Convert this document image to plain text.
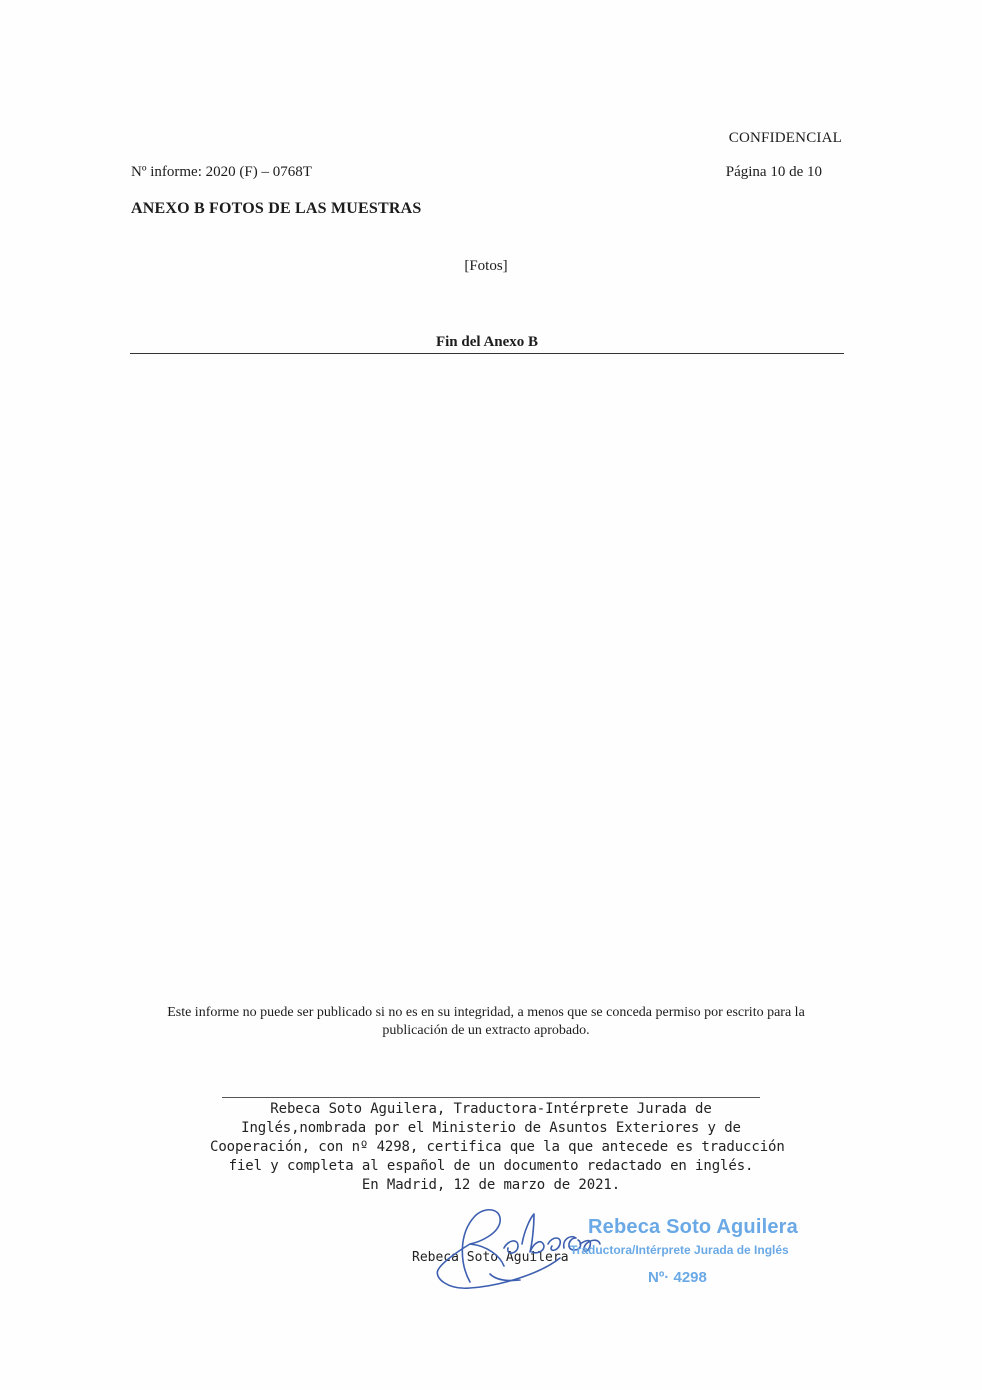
CONFIDENCIAL
Nº informe: 2020 (F) – 0768T	Página 10 de 10
ANEXO B FOTOS DE LAS MUESTRAS
[Fotos]
Fin del Anexo B
Este informe no puede ser publicado si no es en su integridad, a menos que se conceda permiso por escrito para la
publicación de un extracto aprobado.
Rebeca Soto Aguilera, Traductora-Intérprete Jurada de
Inglés,nombrada por el Ministerio de Asuntos Exteriores y de
Cooperación, con nº 4298, certifica que la que antecede es traducción
fiel y completa al español de un documento redactado en inglés.
En Madrid, 12 de marzo de 2021.
Rebeca Soto Aguilera
Rebeca Soto Aguilera
Traductora/Intérprete Jurada de Inglés
Nº· 4298
